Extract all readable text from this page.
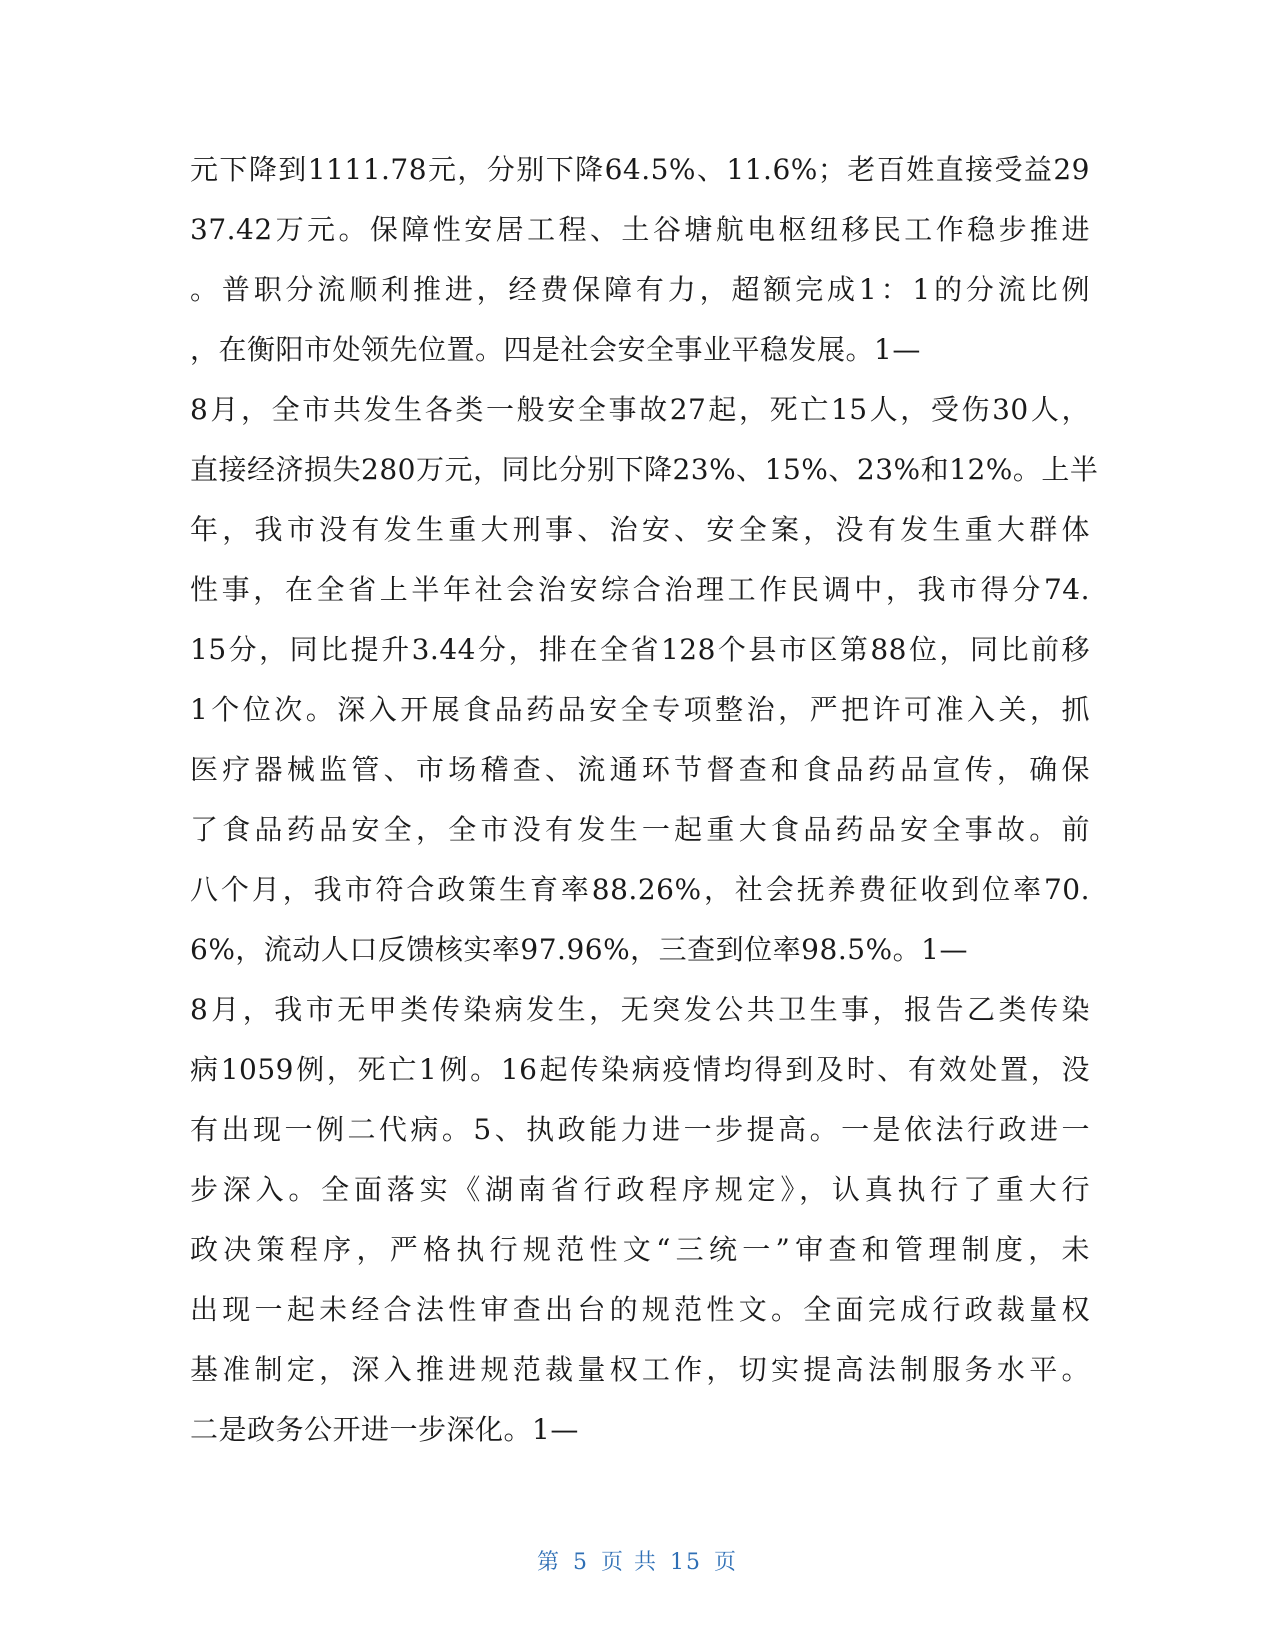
元下降到1111.78元，分别下降64.5%、11.6%；老百姓直接受益29
37.42万元。保障性安居工程、土谷塘航电枢纽移民工作稳步推进
。普职分流顺利推进，经费保障有力，超额完成1：1的分流比例
，在衡阳市处领先位置。四是社会安全事业平稳发展。1—
8月，全市共发生各类一般安全事故27起，死亡15人，受伤30人，
直接经济损失280万元，同比分别下降23%、15%、23%和12%。上半
年，我市没有发生重大刑事、治安、安全案，没有发生重大群体
性事，在全省上半年社会治安综合治理工作民调中，我市得分74.
15分，同比提升3.44分，排在全省128个县市区第88位，同比前移
1个位次。深入开展食品药品安全专项整治，严把许可准入关，抓
医疗器械监管、市场稽查、流通环节督查和食品药品宣传，确保
了食品药品安全，全市没有发生一起重大食品药品安全事故。前
八个月，我市符合政策生育率88.26%，社会抚养费征收到位率70.
6%，流动人口反馈核实率97.96%，三查到位率98.5%。1—
8月，我市无甲类传染病发生，无突发公共卫生事，报告乙类传染
病1059例，死亡1例。16起传染病疫情均得到及时、有效处置，没
有出现一例二代病。5、执政能力进一步提高。一是依法行政进一
步深入。全面落实《湖南省行政程序规定》，认真执行了重大行
政决策程序，严格执行规范性文“三统一”审查和管理制度，未
出现一起未经合法性审查出台的规范性文。全面完成行政裁量权
基准制定，深入推进规范裁量权工作，切实提高法制服务水平。
二是政务公开进一步深化。1—
第 5 页 共 15 页
